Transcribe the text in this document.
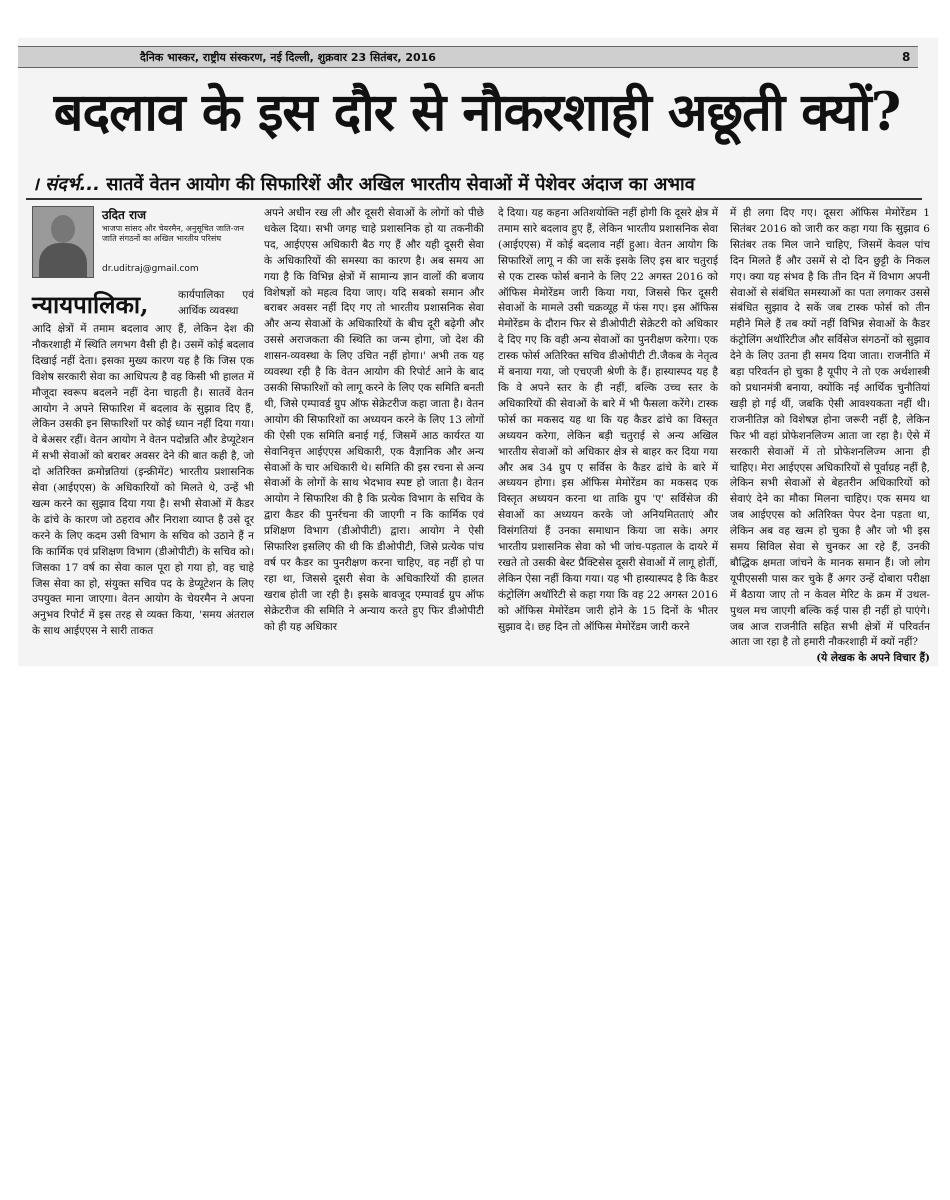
दैनिक भास्कर, राष्ट्रीय संस्करण, नई दिल्ली, शुक्रवार 23 सितंबर, 2016	8
बदलाव के इस दौर से नौकरशाही अछूती क्यों?
। संदर्भ... सातवें वेतन आयोग की सिफारिशें और अखिल भारतीय सेवाओं में पेशेवर अंदाज का अभाव
उदित राज
भाजपा सांसद और चेयरमैन, अनुसूचित जाति-जन जाति संगठनों का अखिल भारतीय परिसंघ
dr.uditraj@gmail.com
न्यायपालिका,	कार्यपालिका एवं आर्थिक व्यवस्था
आदि क्षेत्रों में तमाम बदलाव आए हैं, लेकिन देश की नौकरशाही में स्थिति लगभग वैसी ही है। उसमें कोई बदलाव दिखाई नहीं देता। इसका मुख्य कारण यह है कि जिस एक विशेष सरकारी सेवा का आधिपत्य है वह किसी भी हालत में मौजूदा स्वरूप बदलने नहीं देना चाहती है। सातवें वेतन आयोग ने अपने सिफारिश में बदलाव के सुझाव दिए हैं, लेकिन उसकी इन सिफारिशों पर कोई ध्यान नहीं दिया गया। वे बेअसर रहीं। वेतन आयोग ने वेतन पदोन्नति और डेप्यूटेशन में सभी सेवाओं को बराबर अवसर देने की बात कही है, जो दो अतिरिक्त क्रमोन्नतियां (इन्क्रीमेंट) भारतीय प्रशासनिक सेवा (आईएएस) के अधिकारियों को मिलते थे, उन्हें भी खत्म करने का सुझाव दिया गया है। सभी सेवाओं में कैडर के ढांचे के कारण जो ठहराव और निराशा व्याप्त है उसे दूर करने के लिए कदम उसी विभाग के सचिव को उठाने हैं न कि कार्मिक एवं प्रशिक्षण विभाग (डीओपीटी) के सचिव को। जिसका 17 वर्ष का सेवा काल पूरा हो गया हो, वह चाहे जिस सेवा का हो, संयुक्त सचिव पद के डेप्यूटेशन के लिए उपयुक्त माना जाएगा। वेतन आयोग के चेयरमैन ने अपना अनुभव रिपोर्ट में इस तरह से व्यक्त किया, 'समय अंतराल के साथ आईएएस ने सारी ताकत
अपने अधीन रख ली और दूसरी सेवाओं के लोगों को पीछे धकेल दिया। सभी जगह चाहे प्रशासनिक हो या तकनीकी पद, आईएएस अधिकारी बैठ गए हैं और यही दूसरी सेवा के अधिकारियों की समस्या का कारण है। अब समय आ गया है कि विभिन्न क्षेत्रों में सामान्य ज्ञान वालों की बजाय विशेषज्ञों को महत्व दिया जाए। यदि सबको समान और बराबर अवसर नहीं दिए गए तो भारतीय प्रशासनिक सेवा और अन्य सेवाओं के अधिकारियों के बीच दूरी बढ़ेगी और उससे अराजकता की स्थिति का जन्म होगा, जो देश की शासन-व्यवस्था के लिए उचित नहीं होगा।' अभी तक यह व्यवस्था रही है कि वेतन आयोग की रिपोर्ट आने के बाद उसकी सिफारिशों को लागू करने के लिए एक समिति बनती थी, जिसे एम्पावर्ड ग्रुप ऑफ सेक्रेटरीज कहा जाता है। वेतन आयोग की सिफारिशों का अध्ययन करने के लिए 13 लोगों की ऐसी एक समिति बनाई गई, जिसमें आठ कार्यरत या सेवानिवृत्त आईएएस अधिकारी, एक वैज्ञानिक और अन्य सेवाओं के चार अधिकारी थे। समिति की इस रचना से अन्य सेवाओं के लोगों के साथ भेदभाव स्पष्ट हो जाता है। वेतन आयोग ने सिफारिश की है कि प्रत्येक विभाग के सचिव के द्वारा कैडर की पुनर्रचना की जाएगी न कि कार्मिक एवं प्रशिक्षण विभाग (डीओपीटी) द्वारा। आयोग ने ऐसी सिफारिश इसलिए की थी कि डीओपीटी, जिसे प्रत्येक पांच वर्ष पर कैडर का पुनरीक्षण करना चाहिए, वह नहीं हो पा रहा था, जिससे दूसरी सेवा के अधिकारियों की हालत खराब होती जा रही है। इसके बावजूद एम्पावर्ड ग्रुप ऑफ सेक्रेटरीज की समिति ने अन्याय करते हुए फिर डीओपीटी को ही यह अधिकार
दे दिया। यह कहना अतिशयोक्ति नहीं होगी कि दूसरे क्षेत्र में तमाम सारे बदलाव हुए हैं, लेकिन भारतीय प्रशासनिक सेवा (आईएएस) में कोई बदलाव नहीं हुआ। वेतन आयोग कि सिफारिशें लागू न की जा सकें इसके लिए इस बार चतुराई से एक टास्क फोर्स बनाने के लिए 22 अगस्त 2016 को ऑफिस मेमोरेंडम जारी किया गया, जिससे फिर दूसरी सेवाओं के मामले उसी चक्रव्यूह में फंस गए। इस ऑफिस मेमोरेंडम के दौरान फिर से डीओपीटी सेक्रेटरी को अधिकार दे दिए गए कि वही अन्य सेवाओं का पुनरीक्षण करेगा। एक टास्क फोर्स अतिरिक्त सचिव डीओपीटी टी.जैकब के नेतृत्व में बनाया गया, जो एचएजी श्रेणी के हैं। हास्यास्पद यह है कि वे अपने स्तर के ही नहीं, बल्कि उच्च स्तर के अधिकारियों की सेवाओं के बारे में भी फैसला करेंगे। टास्क फोर्स का मकसद यह था कि यह कैडर ढांचे का विस्तृत अध्ययन करेगा, लेकिन बड़ी चतुराई से अन्य अखिल भारतीय सेवाओं को अधिकार क्षेत्र से बाहर कर दिया गया और अब 34 ग्रुप ए सर्विस के कैडर ढांचे के बारे में अध्ययन होगा। इस ऑफिस मेमोरेंडम का मकसद एक विस्तृत अध्ययन करना था ताकि ग्रुप 'ए' सर्विसेज की सेवाओं का अध्ययन करके जो अनियमितताएं और विसंगतियां हैं उनका समाधान किया जा सके। अगर भारतीय प्रशासनिक सेवा को भी जांच-पड़ताल के दायरे में रखते तो उसकी बेस्ट प्रैक्टिसेस दूसरी सेवाओं में लागू होतीं, लेकिन ऐसा नहीं किया गया। यह भी हास्यास्पद है कि कैडर कंट्रोलिंग अथॉरिटी से कहा गया कि वह 22 अगस्त 2016 को ऑफिस मेमोरेंडम जारी होने के 15 दिनों के भीतर सुझाव दे। छह दिन तो ऑफिस मेमोरेंडम जारी करने
में ही लगा दिए गए। दूसरा ऑफिस मेमोरेंडम 1 सितंबर 2016 को जारी कर कहा गया कि सुझाव 6 सितंबर तक मिल जाने चाहिए, जिसमें केवल पांच दिन मिलते हैं और उसमें से दो दिन छुट्टी के निकल गए। क्या यह संभव है कि तीन दिन में विभाग अपनी सेवाओं से संबंधित समस्याओं का पता लगाकर उससे संबंधित सुझाव दे सकें जब टास्क फोर्स को तीन महीने मिले हैं तब क्यों नहीं विभिन्न सेवाओं के कैडर कंट्रोलिंग अथॉरिटीज और सर्विसेज संगठनों को सुझाव देने के लिए उतना ही समय दिया जाता। राजनीति में बड़ा परिवर्तन हो चुका है यूपीए ने तो एक अर्थशास्त्री को प्रधानमंत्री बनाया, क्योंकि नई आर्थिक चुनौतियां खड़ी हो गई थीं, जबकि ऐसी आवश्यकता नहीं थी। राजनीतिज्ञ को विशेषज्ञ होना जरूरी नहीं है, लेकिन फिर भी वहां प्रोफेशनलिज्म आता जा रहा है। ऐसे में सरकारी सेवाओं में तो प्रोफेशनलिज्म आना ही चाहिए। मेरा आईएएस अधिकारियों से पूर्वाग्रह नहीं है, लेकिन सभी सेवाओं से बेहतरीन अधिकारियों को सेवाएं देने का मौका मिलना चाहिए। एक समय था जब आईएएस को अतिरिक्त पेपर देना पड़ता था, लेकिन अब वह खत्म हो चुका है और जो भी इस समय सिविल सेवा से चुनकर आ रहे हैं, उनकी बौद्धिक क्षमता जांचने के मानक समान हैं। जो लोग यूपीएससी पास कर चुके हैं अगर उन्हें दोबारा परीक्षा में बैठाया जाए तो न केवल मेरिट के क्रम में उथल-पुथल मच जाएगी बल्कि कई पास ही नहीं हो पाएंगे। जब आज राजनीति सहित सभी क्षेत्रों में परिवर्तन आता जा रहा है तो हमारी नौकरशाही में क्यों नहीं?
(ये लेखक के अपने विचार हैं)
